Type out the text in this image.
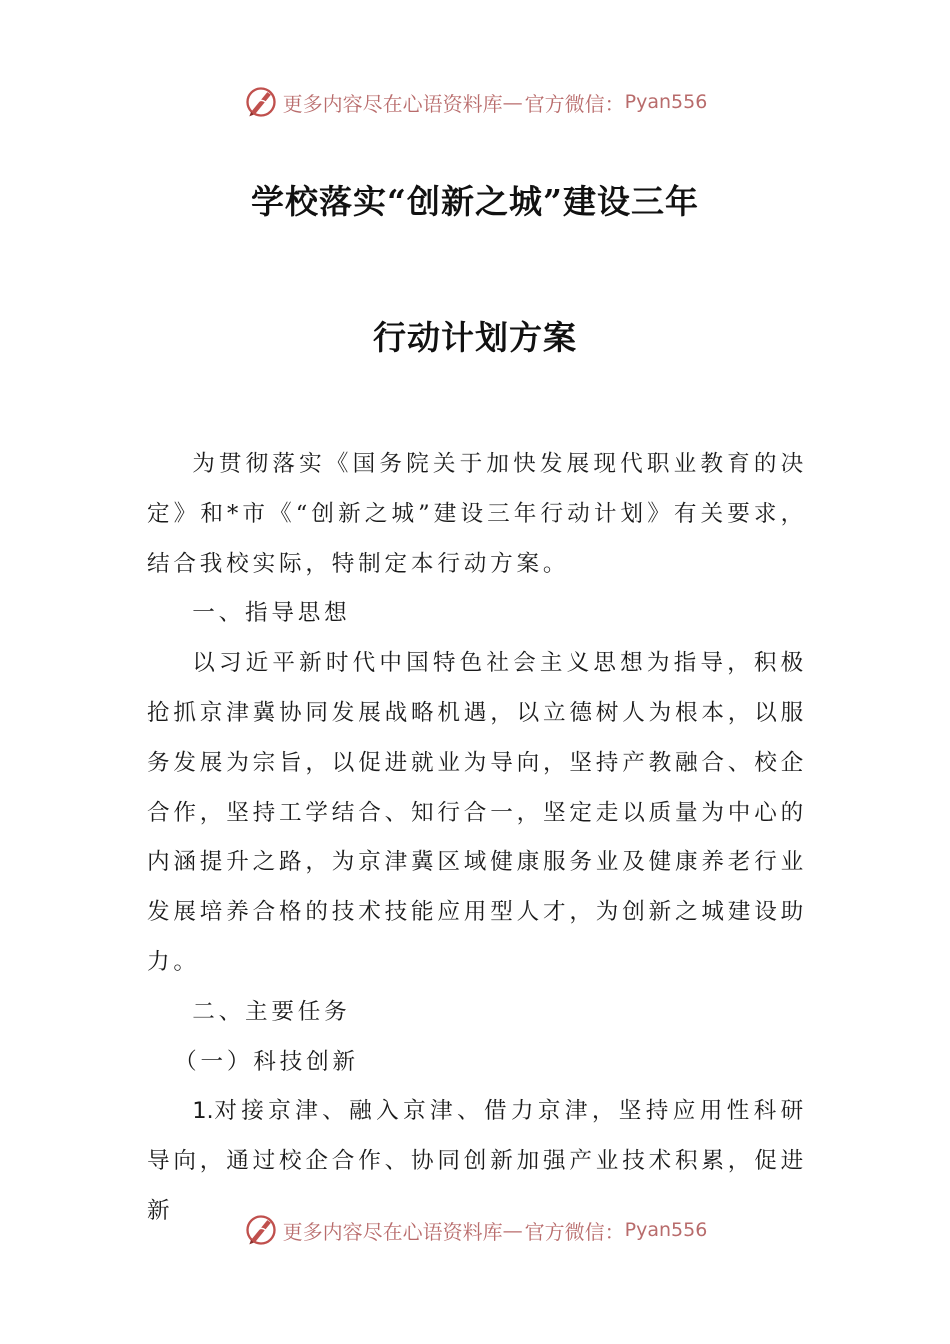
更多内容尽在心语资料库 — 官方微信： Pyan556
学校落实“创新之城”建设三年
行动计划方案

为贯彻落实《国务院关于加快发展现代职业教育的决定》和*市《“创新之城”建设三年行动计划》有关要求，结合我校实际，特制定本行动方案。

一、指导思想

以习近平新时代中国特色社会主义思想为指导，积极抢抓京津冀协同发展战略机遇，以立德树人为根本，以服务发展为宗旨，以促进就业为导向，坚持产教融合、校企合作，坚持工学结合、知行合一，坚定走以质量为中心的内涵提升之路，为京津冀区域健康服务业及健康养老行业发展培养合格的技术技能应用型人才，为创新之城建设助力。

二、主要任务

（一）科技创新

1.对接京津、融入京津、借力京津，坚持应用性科研导向，通过校企合作、协同创新加强产业技术积累，促进新

更多内容尽在心语资料库 — 官方微信： Pyan556
